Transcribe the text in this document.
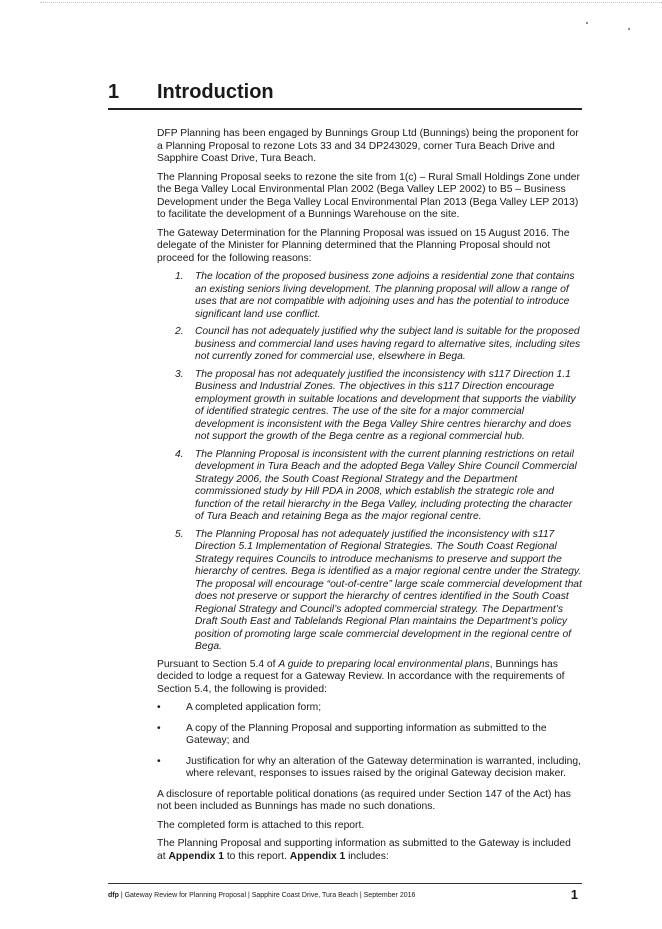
1 Introduction

DFP Planning has been engaged by Bunnings Group Ltd (Bunnings) being the proponent for a Planning Proposal to rezone Lots 33 and 34 DP243029, corner Tura Beach Drive and Sapphire Coast Drive, Tura Beach.

The Planning Proposal seeks to rezone the site from 1(c) – Rural Small Holdings Zone under the Bega Valley Local Environmental Plan 2002 (Bega Valley LEP 2002) to B5 – Business Development under the Bega Valley Local Environmental Plan 2013 (Bega Valley LEP 2013) to facilitate the development of a Bunnings Warehouse on the site.

The Gateway Determination for the Planning Proposal was issued on 15 August 2016. The delegate of the Minister for Planning determined that the Planning Proposal should not proceed for the following reasons:

1. The location of the proposed business zone adjoins a residential zone that contains an existing seniors living development. The planning proposal will allow a range of uses that are not compatible with adjoining uses and has the potential to introduce significant land use conflict.
2. Council has not adequately justified why the subject land is suitable for the proposed business and commercial land uses having regard to alternative sites, including sites not currently zoned for commercial use, elsewhere in Bega.
3. The proposal has not adequately justified the inconsistency with s117 Direction 1.1 Business and Industrial Zones. The objectives in this s117 Direction encourage employment growth in suitable locations and development that supports the viability of identified strategic centres. The use of the site for a major commercial development is inconsistent with the Bega Valley Shire centres hierarchy and does not support the growth of the Bega centre as a regional commercial hub.
4. The Planning Proposal is inconsistent with the current planning restrictions on retail development in Tura Beach and the adopted Bega Valley Shire Council Commercial Strategy 2006, the South Coast Regional Strategy and the Department commissioned study by Hill PDA in 2008, which establish the strategic role and function of the retail hierarchy in the Bega Valley, including protecting the character of Tura Beach and retaining Bega as the major regional centre.
5. The Planning Proposal has not adequately justified the inconsistency with s117 Direction 5.1 Implementation of Regional Strategies. The South Coast Regional Strategy requires Councils to introduce mechanisms to preserve and support the hierarchy of centres. Bega is identified as a major regional centre under the Strategy. The proposal will encourage “out-of-centre” large scale commercial development that does not preserve or support the hierarchy of centres identified in the South Coast Regional Strategy and Council’s adopted commercial strategy. The Department’s Draft South East and Tablelands Regional Plan maintains the Department’s policy position of promoting large scale commercial development in the regional centre of Bega.

Pursuant to Section 5.4 of A guide to preparing local environmental plans, Bunnings has decided to lodge a request for a Gateway Review. In accordance with the requirements of Section 5.4, the following is provided:

• A completed application form;
• A copy of the Planning Proposal and supporting information as submitted to the Gateway; and
• Justification for why an alteration of the Gateway determination is warranted, including, where relevant, responses to issues raised by the original Gateway decision maker.

A disclosure of reportable political donations (as required under Section 147 of the Act) has not been included as Bunnings has made no such donations.

The completed form is attached to this report.

The Planning Proposal and supporting information as submitted to the Gateway is included at Appendix 1 to this report. Appendix 1 includes:

dfp | Gateway Review for Planning Proposal | Sapphire Coast Drive, Tura Beach | September 2016	1
